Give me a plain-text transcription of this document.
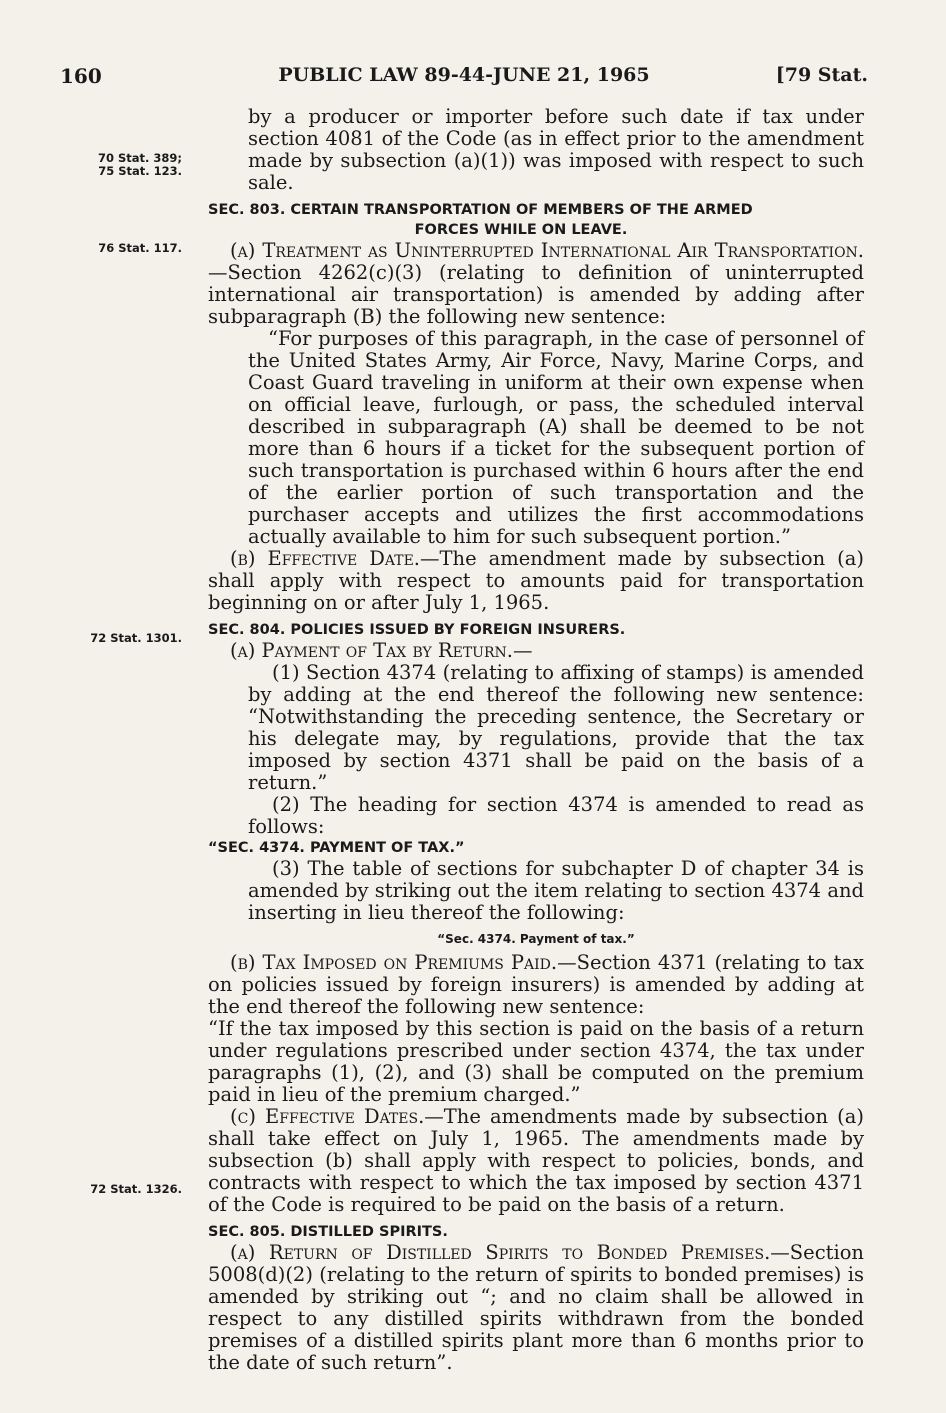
160	PUBLIC LAW 89-44-JUNE 21, 1965	[79 Stat.
70 Stat. 389;
75 Stat. 123.
76 Stat. 117.
72 Stat. 1301.
72 Stat. 1326.

by a producer or importer before such date if tax under section 4081 of the Code (as in effect prior to the amendment made by subsection (a)(1)) was imposed with respect to such sale.

SEC. 803. CERTAIN TRANSPORTATION OF MEMBERS OF THE ARMED
FORCES WHILE ON LEAVE.

(a) Treatment as Uninterrupted International Air Transportation.—Section 4262(c)(3) (relating to definition of uninterrupted international air transportation) is amended by adding after subparagraph (B) the following new sentence:

“For purposes of this paragraph, in the case of personnel of the United States Army, Air Force, Navy, Marine Corps, and Coast Guard traveling in uniform at their own expense when on official leave, furlough, or pass, the scheduled interval described in subparagraph (A) shall be deemed to be not more than 6 hours if a ticket for the subsequent portion of such transportation is purchased within 6 hours after the end of the earlier portion of such transportation and the purchaser accepts and utilizes the first accommodations actually available to him for such subsequent portion.”

(b) Effective Date.—The amendment made by subsection (a) shall apply with respect to amounts paid for transportation beginning on or after July 1, 1965.

SEC. 804. POLICIES ISSUED BY FOREIGN INSURERS.

(a) Payment of Tax by Return.—

(1) Section 4374 (relating to affixing of stamps) is amended by adding at the end thereof the following new sentence: “Notwithstanding the preceding sentence, the Secretary or his delegate may, by regulations, provide that the tax imposed by section 4371 shall be paid on the basis of a return.”

(2) The heading for section 4374 is amended to read as follows:

“SEC. 4374. PAYMENT OF TAX.”

(3) The table of sections for subchapter D of chapter 34 is amended by striking out the item relating to section 4374 and inserting in lieu thereof the following:

“Sec. 4374. Payment of tax.”

(b) Tax Imposed on Premiums Paid.—Section 4371 (relating to tax on policies issued by foreign insurers) is amended by adding at the end thereof the following new sentence:

“If the tax imposed by this section is paid on the basis of a return under regulations prescribed under section 4374, the tax under paragraphs (1), (2), and (3) shall be computed on the premium paid in lieu of the premium charged.”

(c) Effective Dates.—The amendments made by subsection (a) shall take effect on July 1, 1965. The amendments made by subsection (b) shall apply with respect to policies, bonds, and contracts with respect to which the tax imposed by section 4371 of the Code is required to be paid on the basis of a return.

SEC. 805. DISTILLED SPIRITS.

(a) Return of Distilled Spirits to Bonded Premises.—Section 5008(d)(2) (relating to the return of spirits to bonded premises) is amended by striking out “; and no claim shall be allowed in respect to any distilled spirits withdrawn from the bonded premises of a distilled spirits plant more than 6 months prior to the date of such return”.
